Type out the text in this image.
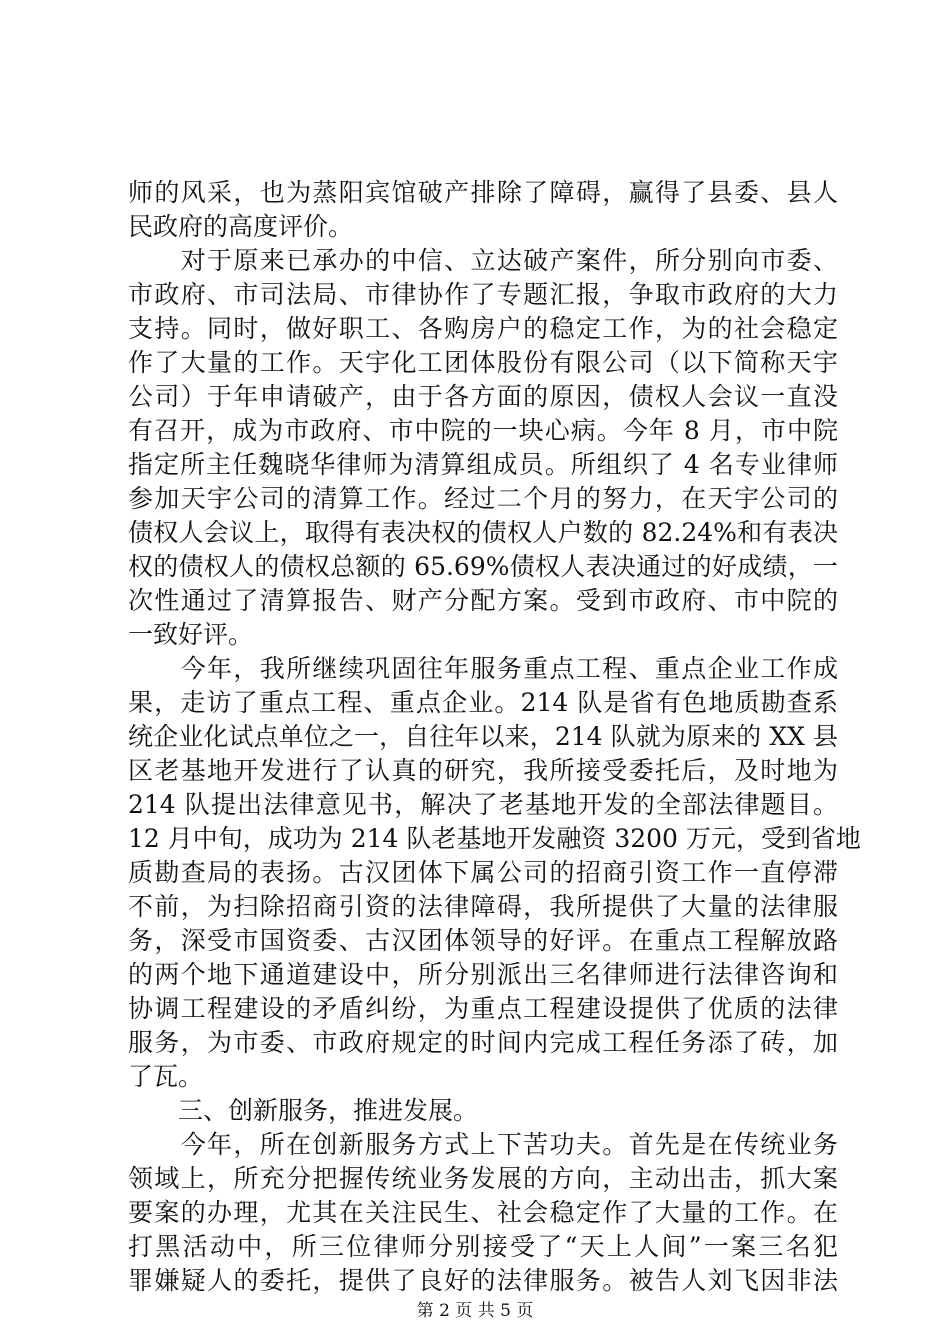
师的风采，也为蒸阳宾馆破产排除了障碍，赢得了县委、县人
民政府的高度评价。
　　对于原来已承办的中信、立达破产案件，所分别向市委、
市政府、市司法局、市律协作了专题汇报，争取市政府的大力
支持。同时，做好职工、各购房户的稳定工作，为的社会稳定
作了大量的工作。天宇化工团体股份有限公司（以下简称天宇
公司）于年申请破产，由于各方面的原因，债权人会议一直没
有召开，成为市政府、市中院的一块心病。今年 8 月，市中院
指定所主任魏晓华律师为清算组成员。所组织了 4 名专业律师
参加天宇公司的清算工作。经过二个月的努力，在天宇公司的
债权人会议上，取得有表决权的债权人户数的 82.24%和有表决
权的债权人的债权总额的 65.69%债权人表决通过的好成绩，一
次性通过了清算报告、财产分配方案。受到市政府、市中院的
一致好评。
　　今年，我所继续巩固往年服务重点工程、重点企业工作成
果，走访了重点工程、重点企业。214 队是省有色地质勘查系
统企业化试点单位之一，自往年以来，214 队就为原来的 XX 县
区老基地开发进行了认真的研究，我所接受委托后，及时地为
214 队提出法律意见书，解决了老基地开发的全部法律题目。
12 月中旬，成功为 214 队老基地开发融资 3200 万元，受到省地
质勘查局的表扬。古汉团体下属公司的招商引资工作一直停滞
不前，为扫除招商引资的法律障碍，我所提供了大量的法律服
务，深受市国资委、古汉团体领导的好评。在重点工程解放路
的两个地下通道建设中，所分别派出三名律师进行法律咨询和
协调工程建设的矛盾纠纷，为重点工程建设提供了优质的法律
服务，为市委、市政府规定的时间内完成工程任务添了砖，加
了瓦。
　　三、创新服务，推进发展。
　　今年，所在创新服务方式上下苦功夫。首先是在传统业务
领域上，所充分把握传统业务发展的方向，主动出击，抓大案
要案的办理，尤其在关注民生、社会稳定作了大量的工作。在
打黑活动中，所三位律师分别接受了“天上人间”一案三名犯
罪嫌疑人的委托，提供了良好的法律服务。被告人刘飞因非法
第 2 页 共 5 页
